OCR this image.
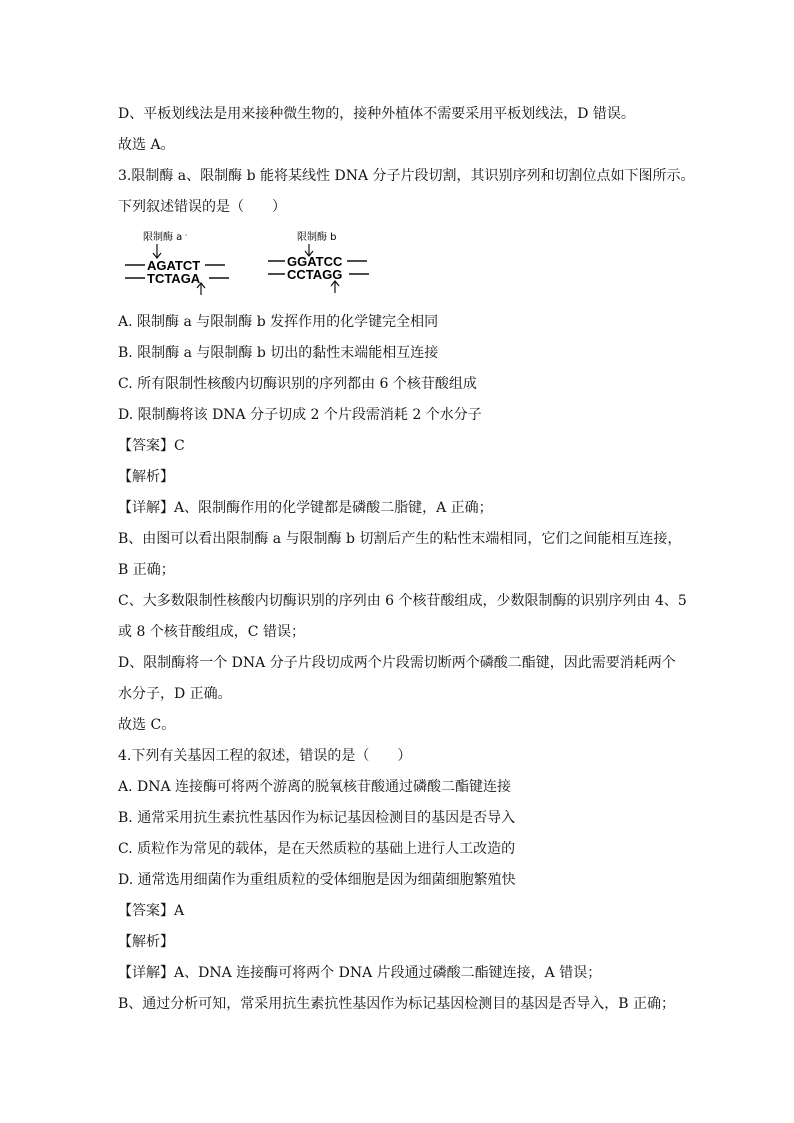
D、平板划线法是用来接种微生物的，接种外植体不需要采用平板划线法，D 错误。
故选 A。
3.限制酶 a、限制酶 b 能将某线性 DNA 分子片段切割，其识别序列和切割位点如下图所示。
下列叙述错误的是（　　）
限制酶 a
AGATCT
TCTAGA
限制酶 b
GGATCC
CCTAGG
A. 限制酶 a 与限制酶 b 发挥作用的化学键完全相同
B. 限制酶 a 与限制酶 b 切出的黏性末端能相互连接
C. 所有限制性核酸内切酶识别的序列都由 6 个核苷酸组成
D. 限制酶将该 DNA 分子切成 2 个片段需消耗 2 个水分子
【答案】C
【解析】
【详解】A、限制酶作用的化学键都是磷酸二脂键，A 正确；
B、由图可以看出限制酶 a 与限制酶 b 切割后产生的粘性末端相同，它们之间能相互连接，
B 正确；
C、大多数限制性核酸内切酶识别的序列由 6 个核苷酸组成，少数限制酶的识别序列由 4、5
或 8 个核苷酸组成，C 错误；
D、限制酶将一个 DNA 分子片段切成两个片段需切断两个磷酸二酯键，因此需要消耗两个
水分子，D 正确。
故选 C。
4.下列有关基因工程的叙述，错误的是（　　）
A. DNA 连接酶可将两个游离的脱氧核苷酸通过磷酸二酯键连接
B. 通常采用抗生素抗性基因作为标记基因检测目的基因是否导入
C. 质粒作为常见的载体，是在天然质粒的基础上进行人工改造的
D. 通常选用细菌作为重组质粒的受体细胞是因为细菌细胞繁殖快
【答案】A
【解析】
【详解】A、DNA 连接酶可将两个 DNA 片段通过磷酸二酯键连接，A 错误；
B、通过分析可知，常采用抗生素抗性基因作为标记基因检测目的基因是否导入，B 正确；
